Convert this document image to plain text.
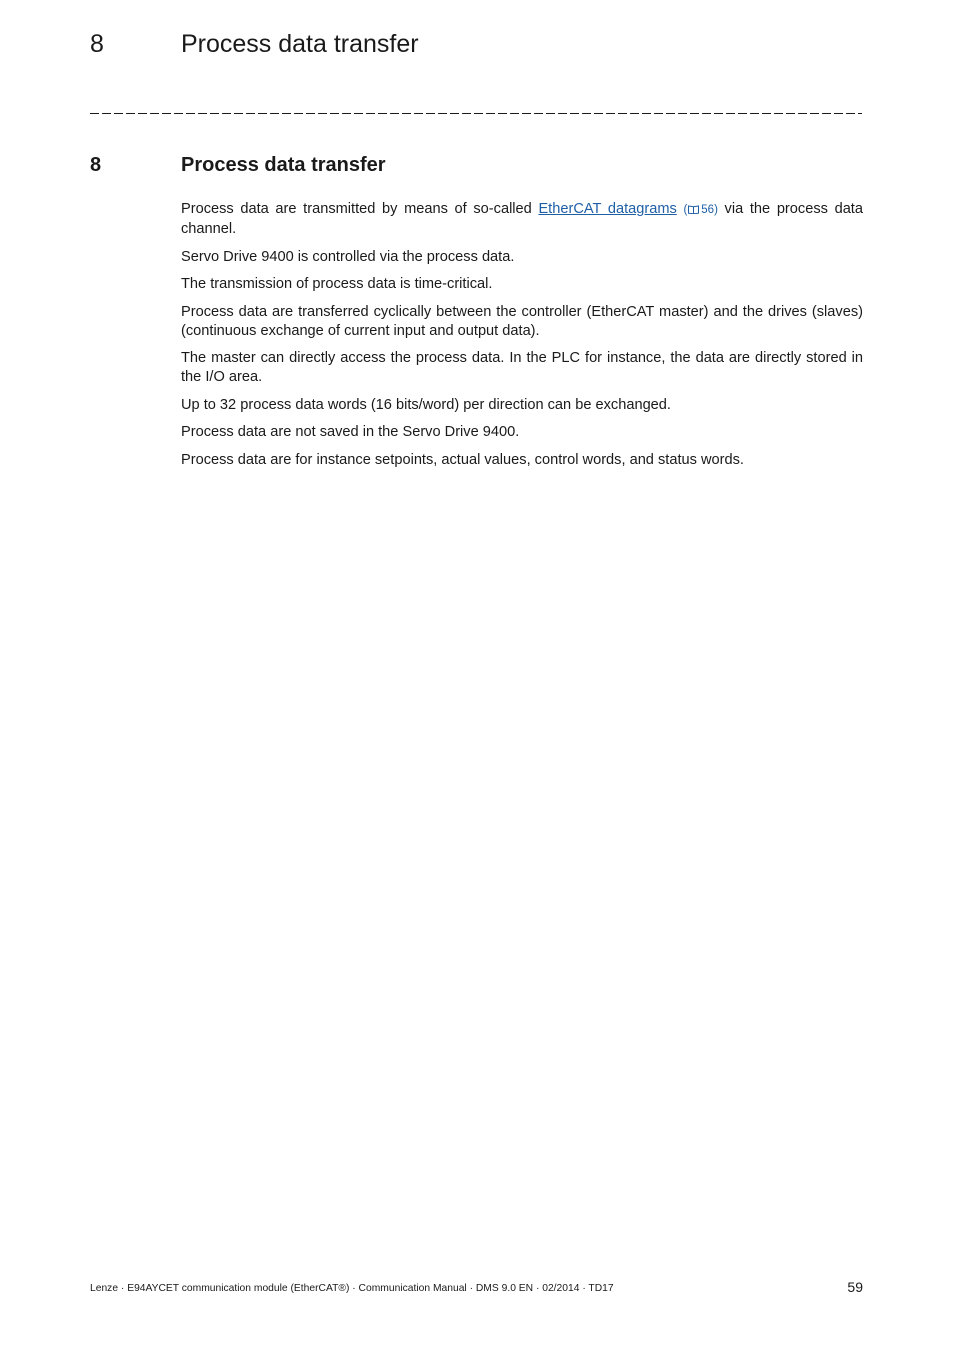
8	Process data transfer
8	Process data transfer

Process data are transmitted by means of so-called EtherCAT datagrams ( 56) via the process data channel.

Servo Drive 9400 is controlled via the process data.

The transmission of process data is time-critical.

Process data are transferred cyclically between the controller (EtherCAT master) and the drives (slaves) (continuous exchange of current input and output data).

The master can directly access the process data. In the PLC for instance, the data are directly stored in the I/O area.

Up to 32 process data words (16 bits/word) per direction can be exchanged.

Process data are not saved in the Servo Drive 9400.

Process data are for instance setpoints, actual values, control words, and status words.

Lenze · E94AYCET communication module (EtherCAT®) · Communication Manual · DMS 9.0 EN · 02/2014 · TD17	59
